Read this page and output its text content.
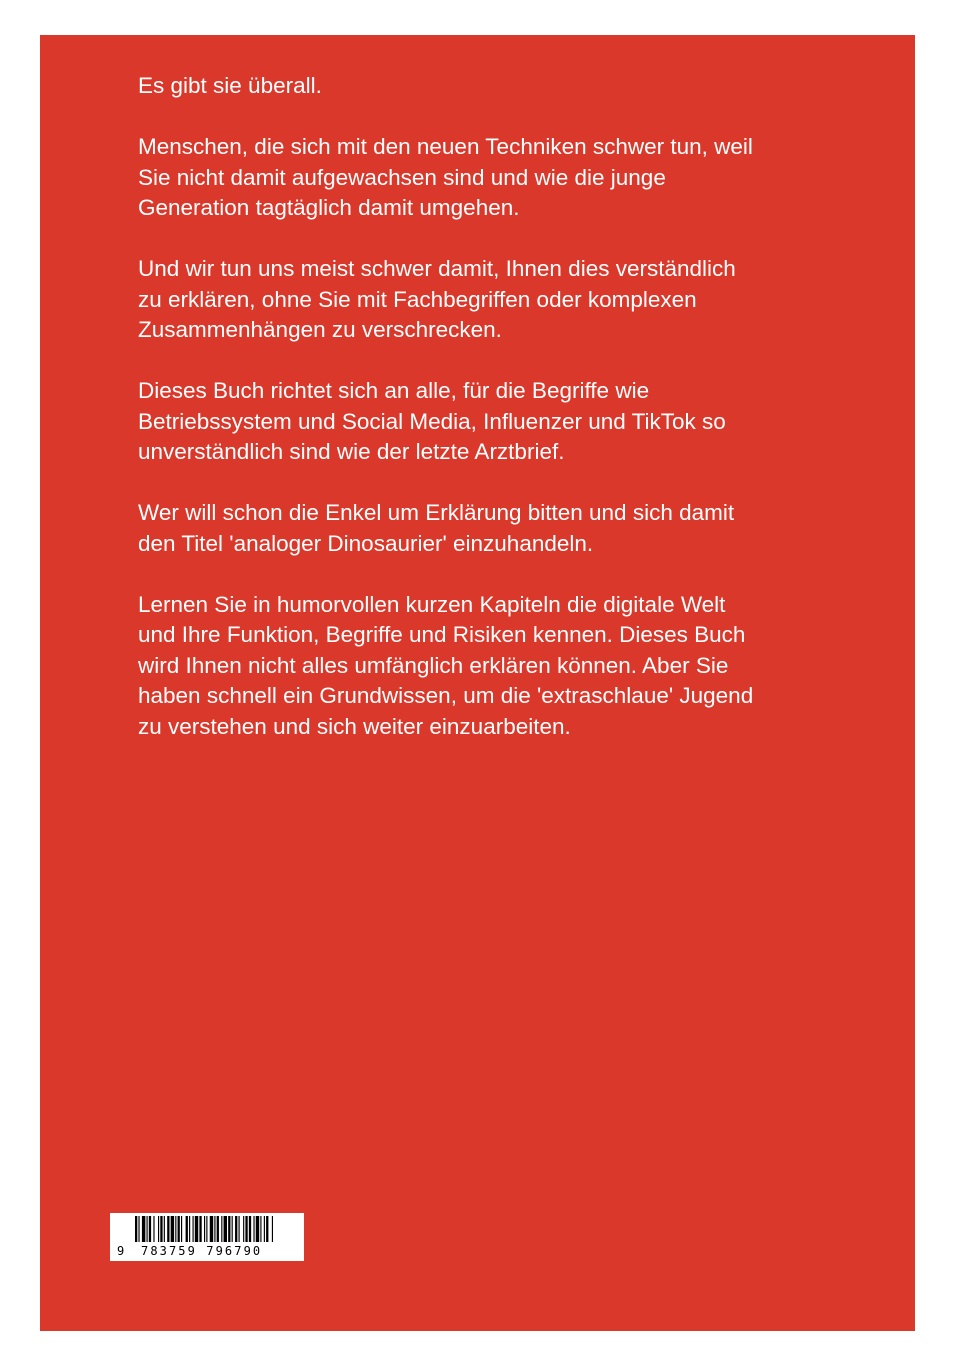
Es gibt sie überall.

Menschen, die sich mit den neuen Techniken schwer tun, weil
Sie nicht damit aufgewachsen sind und wie die junge
Generation tagtäglich damit umgehen.

Und wir tun uns meist schwer damit, Ihnen dies verständlich
zu erklären, ohne Sie mit Fachbegriffen oder komplexen
Zusammenhängen zu verschrecken.

Dieses Buch richtet sich an alle, für die Begriffe wie
Betriebssystem und Social Media, Influenzer und TikTok so
unverständlich sind wie der letzte Arztbrief.

Wer will schon die Enkel um Erklärung bitten und sich damit
den Titel 'analoger Dinosaurier' einzuhandeln.

Lernen Sie in humorvollen kurzen Kapiteln die digitale Welt
und Ihre Funktion, Begriffe und Risiken kennen. Dieses Buch
wird Ihnen nicht alles umfänglich erklären können. Aber Sie
haben schnell ein Grundwissen, um die 'extraschlaue' Jugend
zu verstehen und sich weiter einzuarbeiten.

9 783759 796790
